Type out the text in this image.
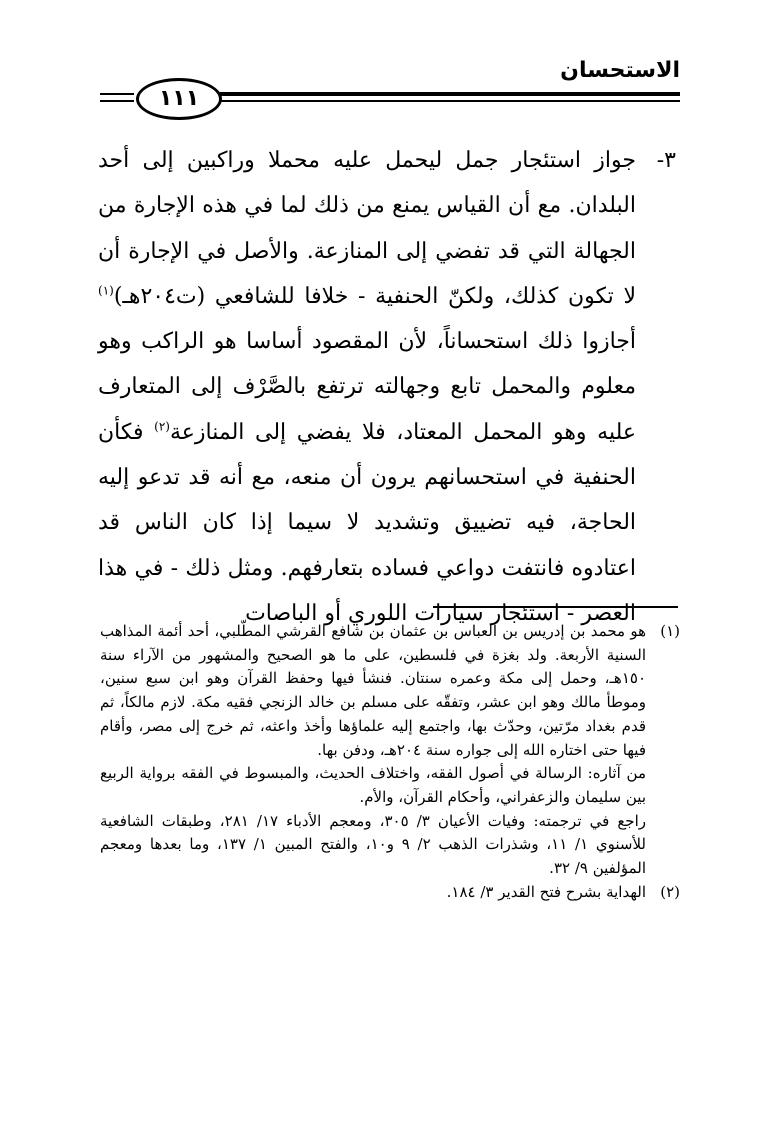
الاستحسان
١١١
٣-
جواز استئجار جمل ليحمل عليه محملا وراكبين إلى أحد البلدان. مع أن القياس يمنع من ذلك لما في هذه الإجارة من الجهالة التي قد تفضي إلى المنازعة. والأصل في الإجارة أن لا تكون كذلك، ولكنّ الحنفية - خلافا للشافعي (ت٢٠٤هـ)$^{(١)}$ أجازوا ذلك استحساناً، لأن المقصود أساسا هو الراكب وهو معلوم والمحمل تابع وجهالته ترتفع بالصَّرْف إلى المتعارف عليه وهو المحمل المعتاد، فلا يفضي إلى المنازعة$^{(٢)}$ فكأن الحنفية في استحسانهم يرون أن منعه، مع أنه قد تدعو إليه الحاجة، فيه تضييق وتشديد لا سيما إذا كان الناس قد اعتادوه فانتفت دواعي فساده بتعارفهم. ومثل ذلك - في هذا العصر - استئجار سيارات اللوري أو الباصات
(١)

هو محمد بن إدريس بن العباس بن عثمان بن شافع القرشي المطّلبي، أحد أئمة المذاهب السنية الأربعة. ولد بغزة في فلسطين، على ما هو الصحيح والمشهور من الآراء سنة ١٥٠هـ، وحمل إلى مكة وعمره سنتان. فنشأ فيها وحفظ القرآن وهو ابن سبع سنين، وموطأ مالك وهو ابن عشر، وتفقّه على مسلم بن خالد الزنجي فقيه مكة. لازم مالكاً، ثم قدم بغداد مرّتين، وحدّث بها، واجتمع إليه علماؤها وأخذ واعثه، ثم خرج إلى مصر، وأقام فيها حتى اختاره الله إلى جواره سنة ٢٠٤هـ، ودفن بها.

من آثاره: الرسالة في أصول الفقه، واختلاف الحديث، والمبسوط في الفقه برواية الربيع بين سليمان والزعفراني، وأحكام القرآن، والأم.

راجع في ترجمته: وفيات الأعيان ٣/ ٣٠٥، ومعجم الأدباء ١٧/ ٢٨١، وطبقات الشافعية للأسنوي ١/ ١١، وشذرات الذهب ٢/ ٩ و١٠، والفتح المبين ١/ ١٣٧، وما بعدها ومعجم المؤلفين ٩/ ٣٢.

(٢)

الهداية بشرح فتح القدير ٣/ ١٨٤.
